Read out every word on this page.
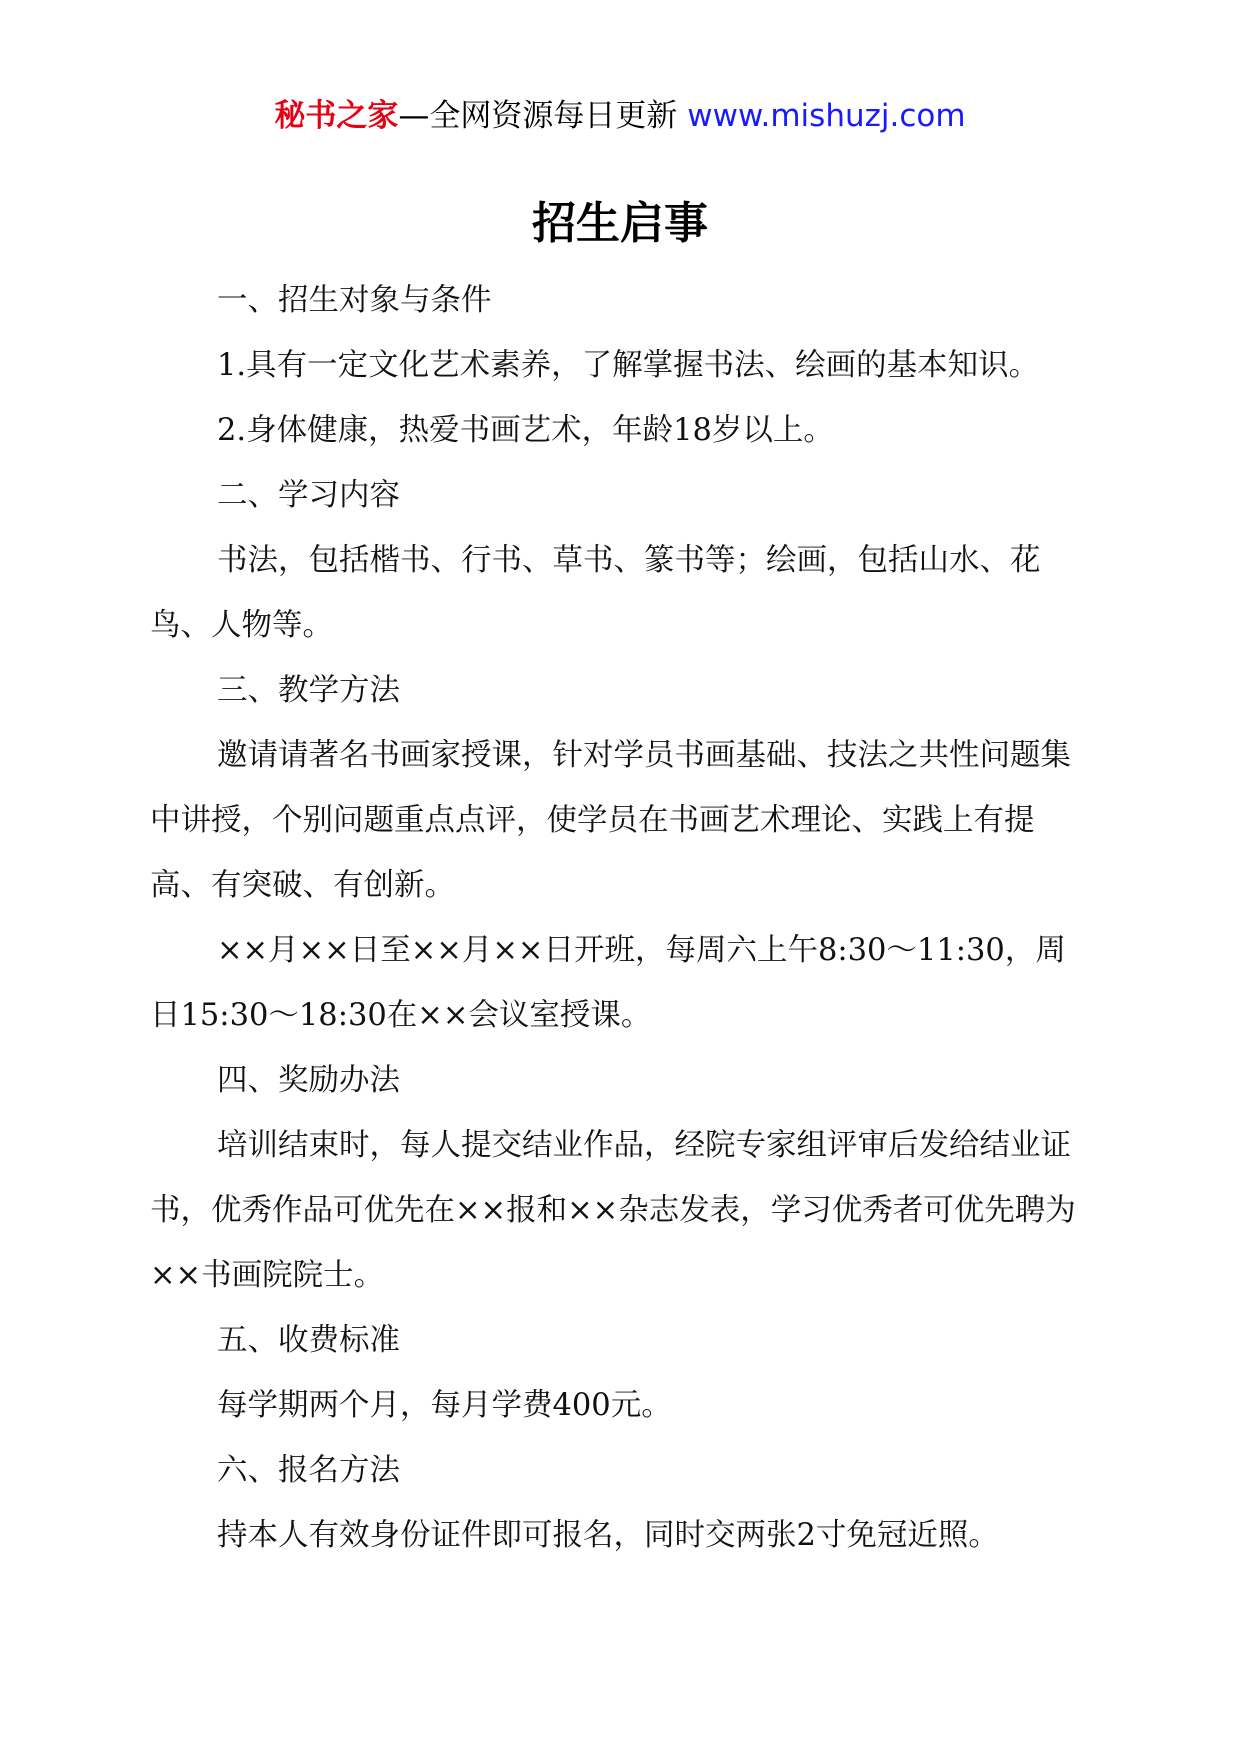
秘书之家—全网资源每日更新 www.mishuzj.com
招生启事

一、招生对象与条件

1.具有一定文化艺术素养，了解掌握书法、绘画的基本知识。

2.身体健康，热爱书画艺术，年龄18岁以上。

二、学习内容

书法，包括楷书、行书、草书、篆书等；绘画，包括山水、花鸟、人物等。

三、教学方法

邀请请著名书画家授课，针对学员书画基础、技法之共性问题集中讲授，个别问题重点点评，使学员在书画艺术理论、实践上有提高、有突破、有创新。

××月××日至××月××日开班，每周六上午8:30～11:30，周日15:30～18:30在××会议室授课。

四、奖励办法

培训结束时，每人提交结业作品，经院专家组评审后发给结业证书，优秀作品可优先在××报和××杂志发表，学习优秀者可优先聘为××书画院院士。

五、收费标准

每学期两个月，每月学费400元。

六、报名方法

持本人有效身份证件即可报名，同时交两张2寸免冠近照。
